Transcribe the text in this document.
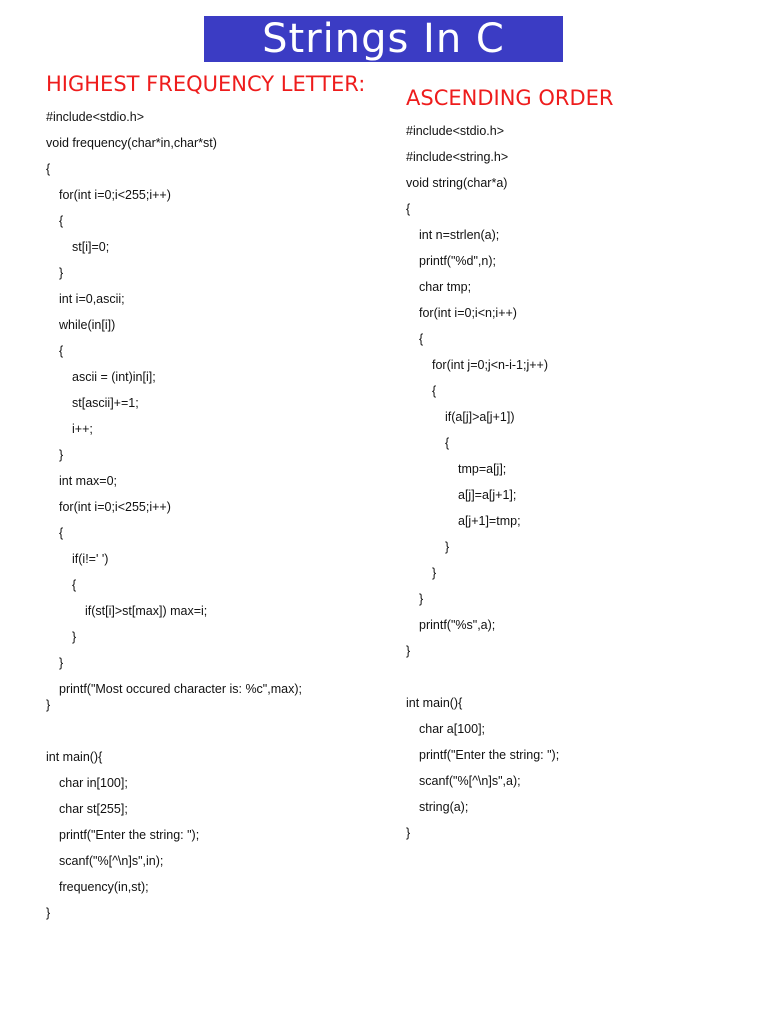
Strings In C
HIGHEST FREQUENCY LETTER:
#include<stdio.h>
void frequency(char*in,char*st)
{
for(int i=0;i<255;i++)
{
st[i]=0;
}
int i=0,ascii;
while(in[i])
{
ascii = (int)in[i];
st[ascii]+=1;
i++;
}
int max=0;
for(int i=0;i<255;i++)
{
if(i!=' ')
{
if(st[i]>st[max]) max=i;
}
}
printf("Most occured character is: %c",max);
}
int main(){
char in[100];
char st[255];
printf("Enter the string: ");
scanf("%[^\n]s",in);
frequency(in,st);
}
ASCENDING ORDER
#include<stdio.h>
#include<string.h>
void string(char*a)
{
int n=strlen(a);
printf("%d",n);
char tmp;
for(int i=0;i<n;i++)
{
for(int j=0;j<n-i-1;j++)
{
if(a[j]>a[j+1])
{
tmp=a[j];
a[j]=a[j+1];
a[j+1]=tmp;
}
}
}
printf("%s",a);
}
int main(){
char a[100];
printf("Enter the string: ");
scanf("%[^\n]s",a);
string(a);
}
